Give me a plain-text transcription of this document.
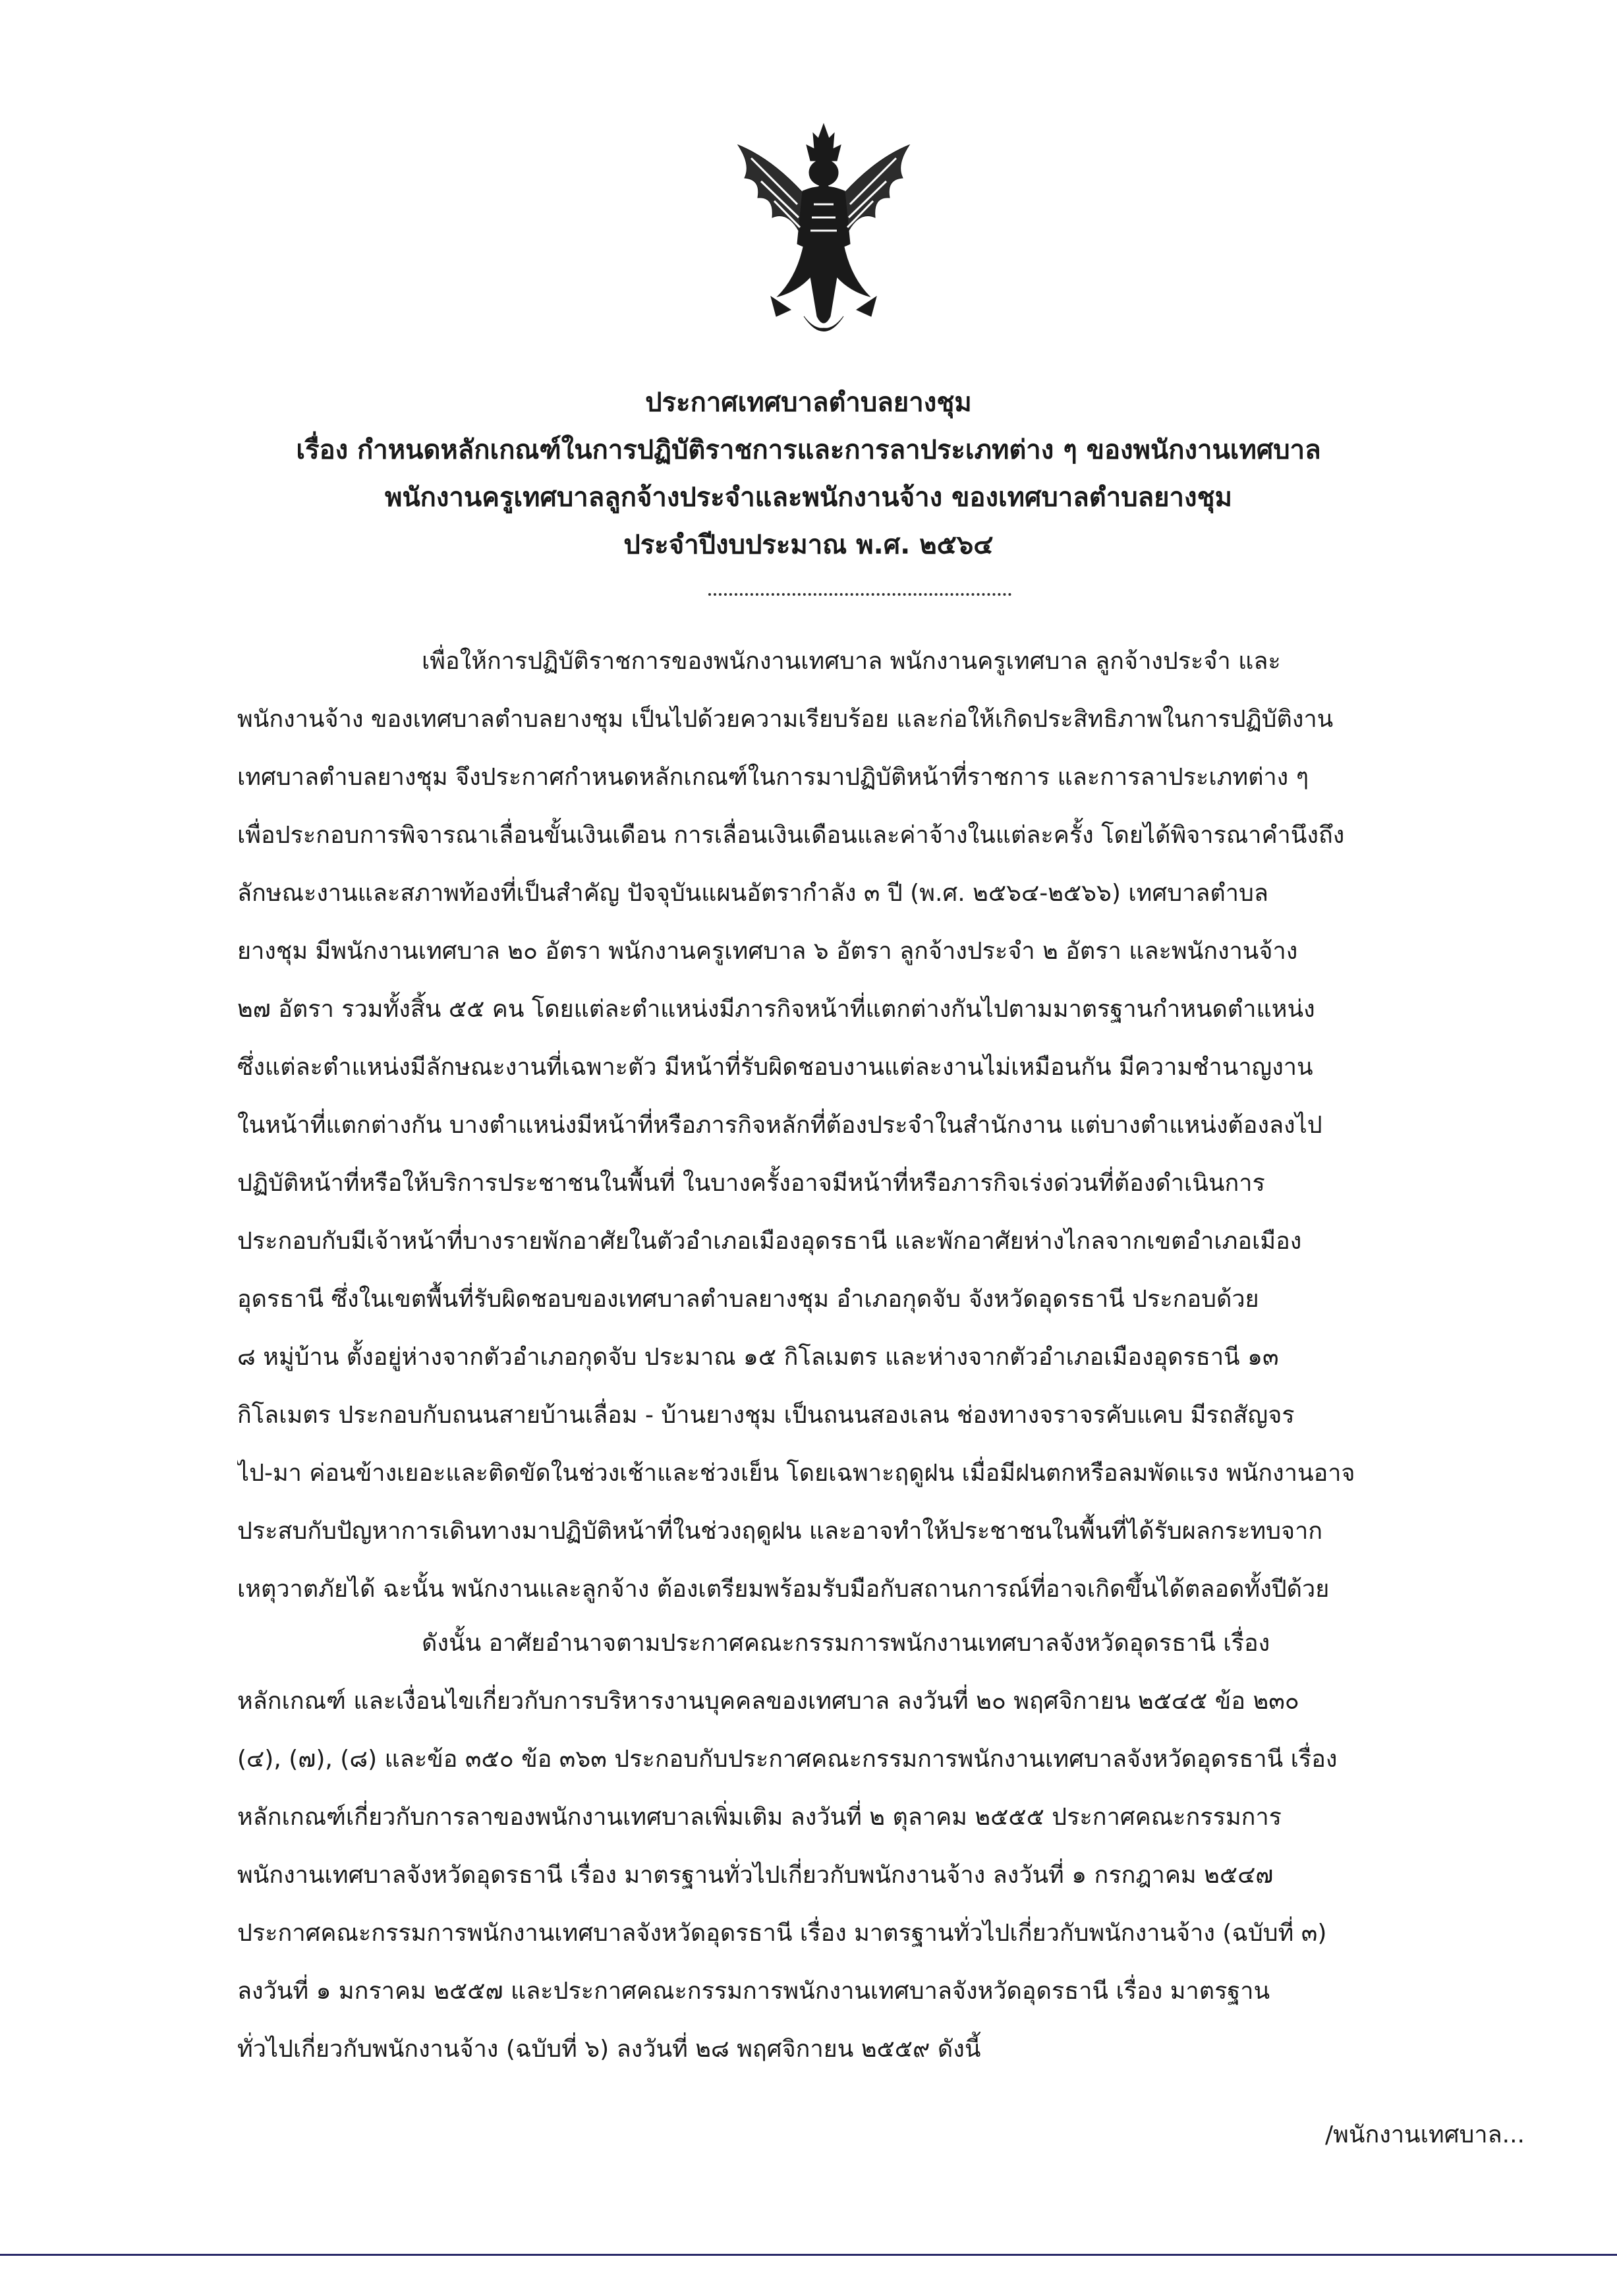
ประกาศเทศบาลตำบลยางชุม
เรื่อง กำหนดหลักเกณฑ์ในการปฏิบัติราชการและการลาประเภทต่าง ๆ ของพนักงานเทศบาล
พนักงานครูเทศบาลลูกจ้างประจำและพนักงานจ้าง ของเทศบาลตำบลยางชุม
ประจำปีงบประมาณ พ.ศ. ๒๕๖๔
เพื่อให้การปฏิบัติราชการของพนักงานเทศบาล พนักงานครูเทศบาล ลูกจ้างประจำ และ
พนักงานจ้าง ของเทศบาลตำบลยางชุม เป็นไปด้วยความเรียบร้อย และก่อให้เกิดประสิทธิภาพในการปฏิบัติงาน
เทศบาลตำบลยางชุม จึงประกาศกำหนดหลักเกณฑ์ในการมาปฏิบัติหน้าที่ราชการ และการลาประเภทต่าง ๆ
เพื่อประกอบการพิจารณาเลื่อนขั้นเงินเดือน การเลื่อนเงินเดือนและค่าจ้างในแต่ละครั้ง โดยได้พิจารณาคำนึงถึง
ลักษณะงานและสภาพท้องที่เป็นสำคัญ ปัจจุบันแผนอัตรากำลัง ๓ ปี (พ.ศ. ๒๕๖๔-๒๕๖๖) เทศบาลตำบล
ยางชุม มีพนักงานเทศบาล ๒๐ อัตรา พนักงานครูเทศบาล ๖ อัตรา ลูกจ้างประจำ ๒ อัตรา และพนักงานจ้าง
๒๗ อัตรา รวมทั้งสิ้น ๕๕ คน โดยแต่ละตำแหน่งมีภารกิจหน้าที่แตกต่างกันไปตามมาตรฐานกำหนดตำแหน่ง
ซึ่งแต่ละตำแหน่งมีลักษณะงานที่เฉพาะตัว มีหน้าที่รับผิดชอบงานแต่ละงานไม่เหมือนกัน มีความชำนาญงาน
ในหน้าที่แตกต่างกัน บางตำแหน่งมีหน้าที่หรือภารกิจหลักที่ต้องประจำในสำนักงาน แต่บางตำแหน่งต้องลงไป
ปฏิบัติหน้าที่หรือให้บริการประชาชนในพื้นที่ ในบางครั้งอาจมีหน้าที่หรือภารกิจเร่งด่วนที่ต้องดำเนินการ
ประกอบกับมีเจ้าหน้าที่บางรายพักอาศัยในตัวอำเภอเมืองอุดรธานี และพักอาศัยห่างไกลจากเขตอำเภอเมือง
อุดรธานี ซึ่งในเขตพื้นที่รับผิดชอบของเทศบาลตำบลยางชุม อำเภอกุดจับ จังหวัดอุดรธานี ประกอบด้วย
๘ หมู่บ้าน ตั้งอยู่ห่างจากตัวอำเภอกุดจับ ประมาณ ๑๕ กิโลเมตร และห่างจากตัวอำเภอเมืองอุดรธานี ๑๓
กิโลเมตร ประกอบกับถนนสายบ้านเลื่อม - บ้านยางชุม เป็นถนนสองเลน ช่องทางจราจรคับแคบ มีรถสัญจร
ไป-มา ค่อนข้างเยอะและติดขัดในช่วงเช้าและช่วงเย็น โดยเฉพาะฤดูฝน เมื่อมีฝนตกหรือลมพัดแรง พนักงานอาจ
ประสบกับปัญหาการเดินทางมาปฏิบัติหน้าที่ในช่วงฤดูฝน และอาจทำให้ประชาชนในพื้นที่ได้รับผลกระทบจาก
เหตุวาตภัยได้ ฉะนั้น พนักงานและลูกจ้าง ต้องเตรียมพร้อมรับมือกับสถานการณ์ที่อาจเกิดขึ้นได้ตลอดทั้งปีด้วย
ดังนั้น อาศัยอำนาจตามประกาศคณะกรรมการพนักงานเทศบาลจังหวัดอุดรธานี เรื่อง
หลักเกณฑ์ และเงื่อนไขเกี่ยวกับการบริหารงานบุคคลของเทศบาล ลงวันที่ ๒๐ พฤศจิกายน ๒๕๔๕ ข้อ ๒๓๐
(๔), (๗), (๘) และข้อ ๓๕๐ ข้อ ๓๖๓ ประกอบกับประกาศคณะกรรมการพนักงานเทศบาลจังหวัดอุดรธานี เรื่อง
หลักเกณฑ์เกี่ยวกับการลาของพนักงานเทศบาลเพิ่มเติม ลงวันที่ ๒ ตุลาคม ๒๕๕๕ ประกาศคณะกรรมการ
พนักงานเทศบาลจังหวัดอุดรธานี เรื่อง มาตรฐานทั่วไปเกี่ยวกับพนักงานจ้าง ลงวันที่ ๑ กรกฎาคม ๒๕๔๗
ประกาศคณะกรรมการพนักงานเทศบาลจังหวัดอุดรธานี เรื่อง มาตรฐานทั่วไปเกี่ยวกับพนักงานจ้าง (ฉบับที่ ๓)
ลงวันที่ ๑ มกราคม ๒๕๕๗ และประกาศคณะกรรมการพนักงานเทศบาลจังหวัดอุดรธานี เรื่อง มาตรฐาน
ทั่วไปเกี่ยวกับพนักงานจ้าง (ฉบับที่ ๖) ลงวันที่ ๒๘ พฤศจิกายน ๒๕๕๙ ดังนี้
/พนักงานเทศบาล...
